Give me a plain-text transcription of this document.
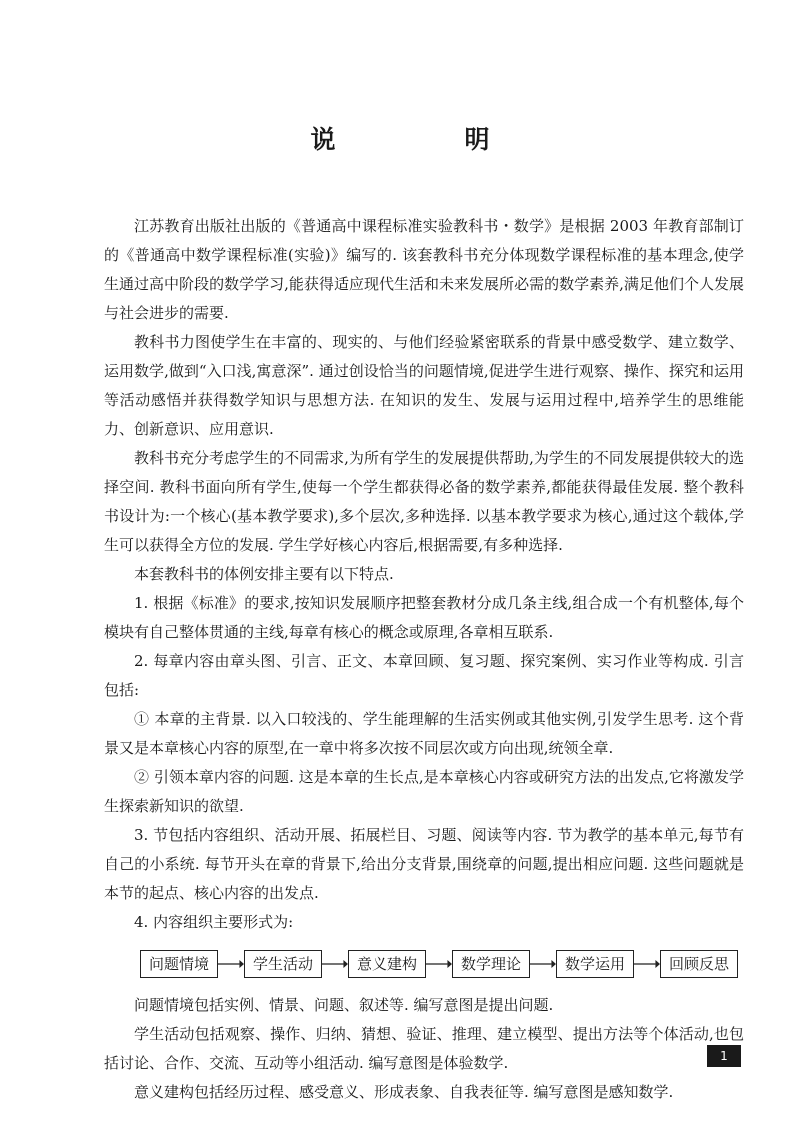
说　明

江苏教育出版社出版的《普通高中课程标准实验教科书・数学》是根据 2003 年教育部制订的《普通高中数学课程标准(实验)》编写的. 该套教科书充分体现数学课程标准的基本理念,使学生通过高中阶段的数学学习,能获得适应现代生活和未来发展所必需的数学素养,满足他们个人发展与社会进步的需要.

教科书力图使学生在丰富的、现实的、与他们经验紧密联系的背景中感受数学、建立数学、运用数学,做到“入口浅,寓意深”. 通过创设恰当的问题情境,促进学生进行观察、操作、探究和运用等活动感悟并获得数学知识与思想方法. 在知识的发生、发展与运用过程中,培养学生的思维能力、创新意识、应用意识.

教科书充分考虑学生的不同需求,为所有学生的发展提供帮助,为学生的不同发展提供较大的选择空间. 教科书面向所有学生,使每一个学生都获得必备的数学素养,都能获得最佳发展. 整个教科书设计为:一个核心(基本教学要求),多个层次,多种选择. 以基本教学要求为核心,通过这个载体,学生可以获得全方位的发展. 学生学好核心内容后,根据需要,有多种选择.

本套教科书的体例安排主要有以下特点.

1. 根据《标准》的要求,按知识发展顺序把整套教材分成几条主线,组合成一个有机整体,每个模块有自己整体贯通的主线,每章有核心的概念或原理,各章相互联系.

2. 每章内容由章头图、引言、正文、本章回顾、复习题、探究案例、实习作业等构成. 引言包括:

① 本章的主背景. 以入口较浅的、学生能理解的生活实例或其他实例,引发学生思考. 这个背景又是本章核心内容的原型,在一章中将多次按不同层次或方向出现,统领全章.

② 引领本章内容的问题. 这是本章的生长点,是本章核心内容或研究方法的出发点,它将激发学生探索新知识的欲望.

3. 节包括内容组织、活动开展、拓展栏目、习题、阅读等内容. 节为教学的基本单元,每节有自己的小系统. 每节开头在章的背景下,给出分支背景,围绕章的问题,提出相应问题. 这些问题就是本节的起点、核心内容的出发点.

4. 内容组织主要形式为:

问题情境	学生活动	意义建构	数学理论	数学运用	回顾反思

问题情境包括实例、情景、问题、叙述等. 编写意图是提出问题.

学生活动包括观察、操作、归纳、猜想、验证、推理、建立模型、提出方法等个体活动,也包括讨论、合作、交流、互动等小组活动. 编写意图是体验数学.

意义建构包括经历过程、感受意义、形成表象、自我表征等. 编写意图是感知数学.

1
